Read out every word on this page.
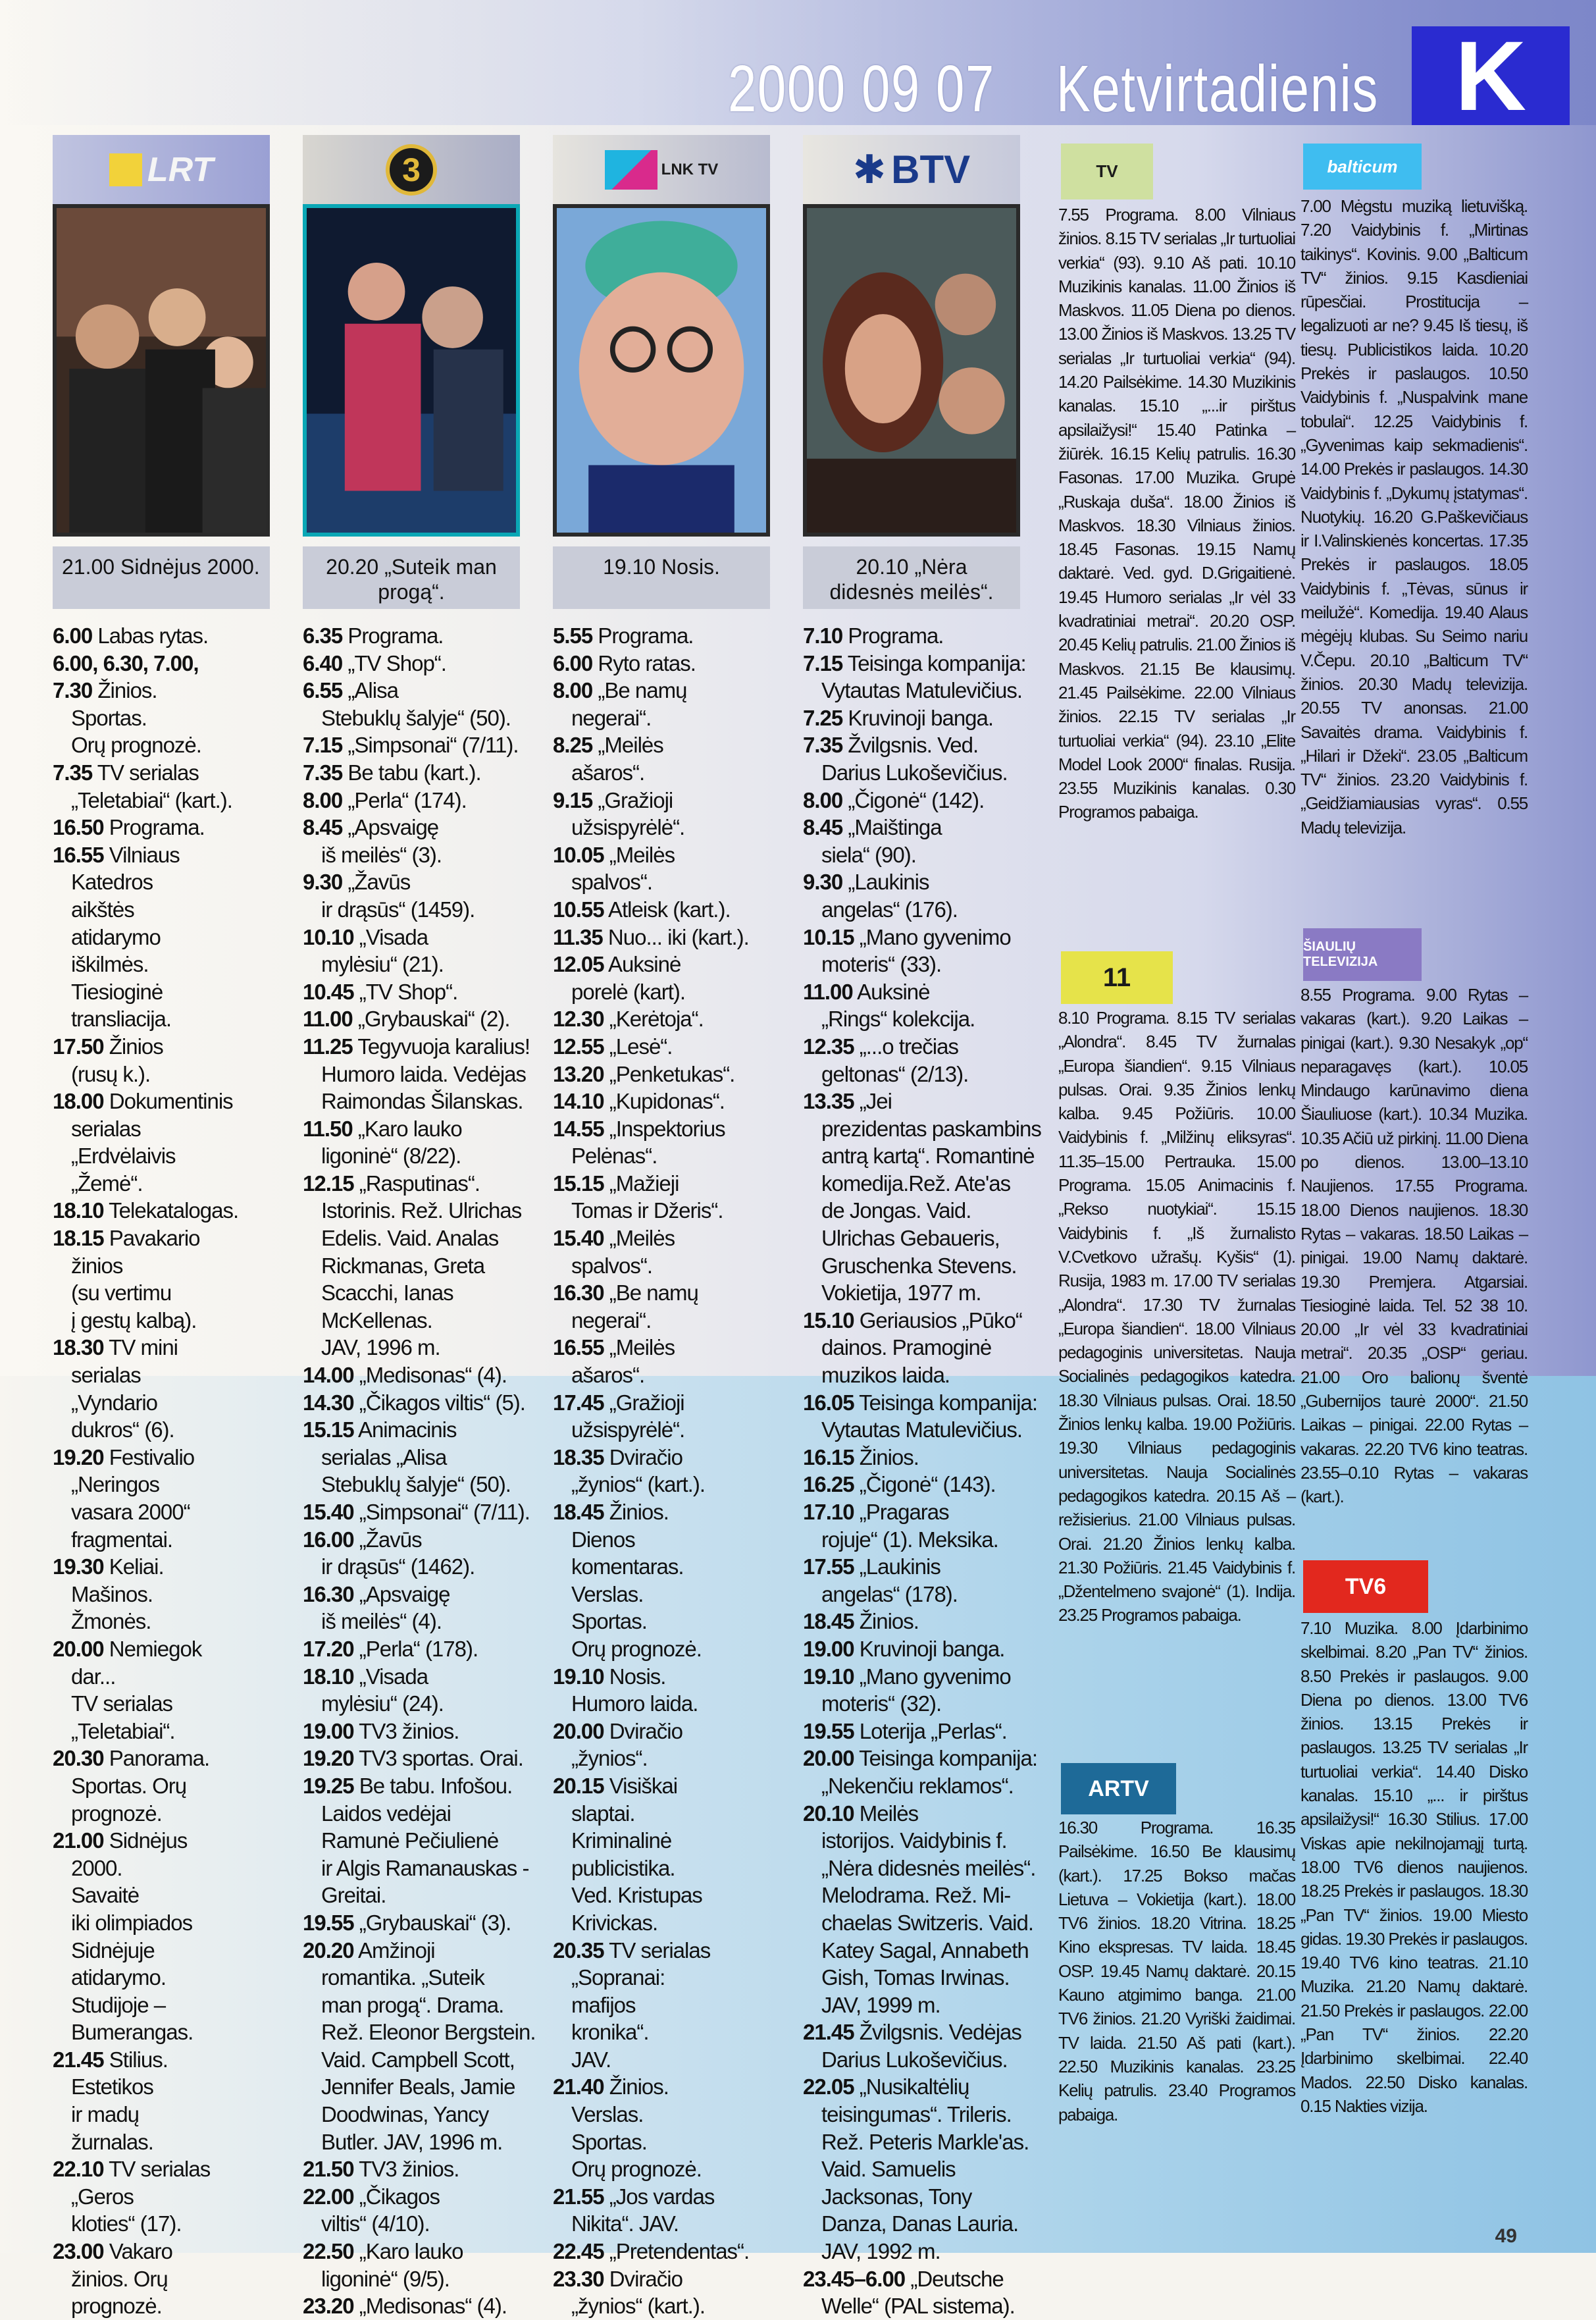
2000 09 07 Ketvirtadienis K
LRT
21.00 Sidnėjus 2000.
6.00 Labas rytas.
6.00, 6.30, 7.00,
7.30 Žinios.
Sportas.
Orų prognozė.
7.35 TV serialas
„Teletabiai“ (kart.).
16.50 Programa.
16.55 Vilniaus
Katedros
aikštės
atidarymo
iškilmės.
Tiesioginė
transliacija.
17.50 Žinios
(rusų k.).
18.00 Dokumentinis
serialas
„Erdvėlaivis
„Žemė“.
18.10 Telekatalogas.
18.15 Pavakario
žinios
(su vertimu
į gestų kalbą).
18.30 TV mini
serialas
„Vyndario
dukros“ (6).
19.20 Festivalio
„Neringos
vasara 2000“
fragmentai.
19.30 Keliai.
Mašinos.
Žmonės.
20.00 Nemiegok
dar...
TV serialas
„Teletabiai“.
20.30 Panorama.
Sportas. Orų
prognozė.
21.00 Sidnėjus
2000.
Savaitė
iki olimpiados
Sidnėjuje
atidarymo.
Studijoje –
Bumerangas.
21.45 Stilius.
Estetikos
ir madų
žurnalas.
22.10 TV serialas
„Geros
kloties“ (17).
23.00 Vakaro
žinios. Orų
prognozė.
3
20.20 „Suteik man progą“.
6.35 Programa.
6.40 „TV Shop“.
6.55 „Alisa
Stebuklų šalyje“ (50).
7.15 „Simpsonai“ (7/11).
7.35 Be tabu (kart.).
8.00 „Perla“ (174).
8.45 „Apsvaigę
iš meilės“ (3).
9.30 „Žavūs
ir drąsūs“ (1459).
10.10 „Visada
mylėsiu“ (21).
10.45 „TV Shop“.
11.00 „Grybauskai“ (2).
11.25 Tegyvuoja karalius!
Humoro laida. Vedėjas
Raimondas Šilanskas.
11.50 „Karo lauko
ligoninė“ (8/22).
12.15 „Rasputinas“.
Istorinis. Rež. Ulrichas
Edelis. Vaid. Analas
Rickmanas, Greta
Scacchi, Ianas
McKellenas.
JAV, 1996 m.
14.00 „Medisonas“ (4).
14.30 „Čikagos viltis“ (5).
15.15 Animacinis
serialas „Alisa
Stebuklų šalyje“ (50).
15.40 „Simpsonai“ (7/11).
16.00 „Žavūs
ir drąsūs“ (1462).
16.30 „Apsvaigę
iš meilės“ (4).
17.20 „Perla“ (178).
18.10 „Visada
mylėsiu“ (24).
19.00 TV3 žinios.
19.20 TV3 sportas. Orai.
19.25 Be tabu. Infošou.
Laidos vedėjai
Ramunė Pečiulienė
ir Algis Ramanauskas -
Greitai.
19.55 „Grybauskai“ (3).
20.20 Amžinoji
romantika. „Suteik
man progą“. Drama.
Rež. Eleonor Bergstein.
Vaid. Campbell Scott,
Jennifer Beals, Jamie
Doodwinas, Yancy
Butler. JAV, 1996 m.
21.50 TV3 žinios.
22.00 „Čikagos
viltis“ (4/10).
22.50 „Karo lauko
ligoninė“ (9/5).
23.20 „Medisonas“ (4).
LNK TV
19.10 Nosis.
5.55 Programa.
6.00 Ryto ratas.
8.00 „Be namų
negerai“.
8.25 „Meilės
ašaros“.
9.15 „Gražioji
užsispyrėlė“.
10.05 „Meilės
spalvos“.
10.55 Atleisk (kart.).
11.35 Nuo... iki (kart.).
12.05 Auksinė
porelė (kart).
12.30 „Kerėtoja“.
12.55 „Lesė“.
13.20 „Penketukas“.
14.10 „Kupidonas“.
14.55 „Inspektorius
Pelėnas“.
15.15 „Mažieji
Tomas ir Džeris“.
15.40 „Meilės
spalvos“.
16.30 „Be namų
negerai“.
16.55 „Meilės
ašaros“.
17.45 „Gražioji
užsispyrėlė“.
18.35 Dviračio
„žynios“ (kart.).
18.45 Žinios.
Dienos
komentaras.
Verslas.
Sportas.
Orų prognozė.
19.10 Nosis.
Humoro laida.
20.00 Dviračio
„žynios“.
20.15 Visiškai
slaptai.
Kriminalinė
publicistika.
Ved. Kristupas
Krivickas.
20.35 TV serialas
„Sopranai:
mafijos
kronika“.
JAV.
21.40 Žinios.
Verslas.
Sportas.
Orų prognozė.
21.55 „Jos vardas
Nikita“. JAV.
22.45 „Pretendentas“.
23.30 Dviračio
„žynios“ (kart.).
✱ BTV
20.10 „Nėra didesnės meilės“.
7.10 Programa.
7.15 Teisinga kompanija:
Vytautas Matulevičius.
7.25 Kruvinoji banga.
7.35 Žvilgsnis. Ved.
Darius Lukoševičius.
8.00 „Čigonė“ (142).
8.45 „Maištinga
siela“ (90).
9.30 „Laukinis
angelas“ (176).
10.15 „Mano gyvenimo
moteris“ (33).
11.00 Auksinė
„Rings“ kolekcija.
12.35 „...o trečias
geltonas“ (2/13).
13.35 „Jei
prezidentas paskambins
antrą kartą“. Romantinė
komedija.Rež. Ate'as
de Jongas. Vaid.
Ulrichas Gebaueris,
Gruschenka Stevens.
Vokietija, 1977 m.
15.10 Geriausios „Pūko“
dainos. Pramoginė
muzikos laida.
16.05 Teisinga kompanija:
Vytautas Matulevičius.
16.15 Žinios.
16.25 „Čigonė“ (143).
17.10 „Pragaras
rojuje“ (1). Meksika.
17.55 „Laukinis
angelas“ (178).
18.45 Žinios.
19.00 Kruvinoji banga.
19.10 „Mano gyvenimo
moteris“ (32).
19.55 Loterija „Perlas“.
20.00 Teisinga kompanija:
„Nekenčiu reklamos“.
20.10 Meilės
istorijos. Vaidybinis f.
„Nėra didesnės meilės“.
Melodrama. Rež. Mi-
chaelas Switzeris. Vaid.
Katey Sagal, Annabeth
Gish, Tomas Irwinas.
JAV, 1999 m.
21.45 Žvilgsnis. Vedėjas
Darius Lukoševičius.
22.05 „Nusikaltėlių
teisingumas“. Trileris.
Rež. Peteris Markle'as.
Vaid. Samuelis
Jacksonas, Tony
Danza, Danas Lauria.
JAV, 1992 m.
23.45–6.00 „Deutsche
Welle“ (PAL sistema).
TV
7.55 Programa. 8.00 Vilniaus žinios. 8.15 TV serialas „Ir turtuoliai verkia“ (93). 9.10 Aš pati. 10.10 Muzikinis kanalas. 11.00 Žinios iš Maskvos. 11.05 Diena po dienos. 13.00 Žinios iš Maskvos. 13.25 TV serialas „Ir turtuoliai verkia“ (94). 14.20 Pailsėkime. 14.30 Muzikinis kanalas. 15.10 „...ir pirštus apsilaižysi!“ 15.40 Patinka – žiūrėk. 16.15 Kelių patrulis. 16.30 Fasonas. 17.00 Muzika. Grupė „Ruskaja duša“. 18.00 Žinios iš Maskvos. 18.30 Vilniaus žinios. 18.45 Fasonas. 19.15 Namų daktarė. Ved. gyd. D.Grigaitienė. 19.45 Humoro serialas „Ir vėl 33 kvadratiniai metrai“. 20.20 OSP. 20.45 Kelių patrulis. 21.00 Žinios iš Maskvos. 21.15 Be klausimų. 21.45 Pailsėkime. 22.00 Vilniaus žinios. 22.15 TV serialas „Ir turtuoliai verkia“ (94). 23.10 „Elite Model Look 2000“ finalas. Rusija. 23.55 Muzikinis kanalas. 0.30 Programos pabaiga.
11
8.10 Programa. 8.15 TV serialas „Alondra“. 8.45 TV žurnalas „Europa šiandien“. 9.15 Vilniaus pulsas. Orai. 9.35 Žinios lenkų kalba. 9.45 Požiūris. 10.00 Vaidybinis f. „Milžinų eliksyras“. 11.35–15.00 Pertrauka. 15.00 Programa. 15.05 Animacinis f. „Rekso nuotykiai“. 15.15 Vaidybinis f. „Iš žurnalisto V.Cvetkovo užrašų. Kyšis“ (1). Rusija, 1983 m. 17.00 TV serialas „Alondra“. 17.30 TV žurnalas „Europa šiandien“. 18.00 Vilniaus pedagoginis universitetas. Nauja Socialinės pedagogikos katedra. 18.30 Vilniaus pulsas. Orai. 18.50 Žinios lenkų kalba. 19.00 Požiūris. 19.30 Vilniaus pedagoginis universitetas. Nauja Socialinės pedagogikos katedra. 20.15 Aš – režisierius. 21.00 Vilniaus pulsas. Orai. 21.20 Žinios lenkų kalba. 21.30 Požiūris. 21.45 Vaidybinis f. „Džentelmeno svajonė“ (1). Indija. 23.25 Programos pabaiga.
ARTV
16.30 Programa. 16.35 Pailsėkime. 16.50 Be klausimų (kart.). 17.25 Bokso mačas Lietuva – Vokietija (kart.). 18.00 TV6 žinios. 18.20 Vitrina. 18.25 Kino ekspresas. TV laida. 18.45 OSP. 19.45 Namų daktarė. 20.15 Kauno atgimimo banga. 21.00 TV6 žinios. 21.20 Vyriški žaidimai. TV laida. 21.50 Aš pati (kart.). 22.50 Muzikinis kanalas. 23.25 Kelių patrulis. 23.40 Programos pabaiga.
balticum
7.00 Mėgstu muziką lietuvišką. 7.20 Vaidybinis f. „Mirtinas taikinys“. Kovinis. 9.00 „Balticum TV“ žinios. 9.15 Kasdieniai rūpesčiai. Prostitucija – legalizuoti ar ne? 9.45 Iš tiesų, iš tiesų. Publicistikos laida. 10.20 Prekės ir paslaugos. 10.50 Vaidybinis f. „Nuspalvink mane tobulai“. 12.25 Vaidybinis f. „Gyvenimas kaip sekmadienis“. 14.00 Prekės ir paslaugos. 14.30 Vaidybinis f. „Dykumų įstatymas“. Nuotykių. 16.20 G.Paškevičiaus ir I.Valinskienės koncertas. 17.35 Prekės ir paslaugos. 18.05 Vaidybinis f. „Tėvas, sūnus ir meilužė“. Komedija. 19.40 Alaus mėgėjų klubas. Su Seimo nariu V.Čepu. 20.10 „Balticum TV“ žinios. 20.30 Madų televizija. 20.55 TV anonsas. 21.00 Savaitės drama. Vaidybinis f. „Hilari ir Džeki“. 23.05 „Balticum TV“ žinios. 23.20 Vaidybinis f. „Geidžiamiausias vyras“. 0.55 Madų televizija.
ŠIAULIŲ TELEVIZIJA
8.55 Programa. 9.00 Rytas – vakaras (kart.). 9.20 Laikas – pinigai (kart.). 9.30 Nesakyk „op“ neparagavęs (kart.). 10.05 Mindaugo karūnavimo diena Šiauliuose (kart.). 10.34 Muzika. 10.35 Ačiū už pirkinį. 11.00 Diena po dienos. 13.00–13.10 Naujienos. 17.55 Programa. 18.00 Dienos naujienos. 18.30 Rytas – vakaras. 18.50 Laikas – pinigai. 19.00 Namų daktarė. 19.30 Premjera. Atgarsiai. Tiesioginė laida. Tel. 52 38 10. 20.00 „Ir vėl 33 kvadratiniai metrai“. 20.35 „OSP“ geriau. 21.00 Oro balionų šventė „Gubernijos taurė 2000“. 21.50 Laikas – pinigai. 22.00 Rytas – vakaras. 22.20 TV6 kino teatras. 23.55–0.10 Rytas – vakaras (kart.).
TV6
7.10 Muzika. 8.00 Įdarbinimo skelbimai. 8.20 „Pan TV“ žinios. 8.50 Prekės ir paslaugos. 9.00 Diena po dienos. 13.00 TV6 žinios. 13.15 Prekės ir paslaugos. 13.25 TV serialas „Ir turtuoliai verkia“. 14.40 Disko kanalas. 15.10 „... ir pirštus apsilaižysi!“ 16.30 Stilius. 17.00 Viskas apie nekilnojamąjį turtą. 18.00 TV6 dienos naujienos. 18.25 Prekės ir paslaugos. 18.30 „Pan TV“ žinios. 19.00 Miesto gidas. 19.30 Prekės ir paslaugos. 19.40 TV6 kino teatras. 21.10 Muzika. 21.20 Namų daktarė. 21.50 Prekės ir paslaugos. 22.00 „Pan TV“ žinios. 22.20 Įdarbinimo skelbimai. 22.40 Mados. 22.50 Disko kanalas. 0.15 Nakties vizija.
49
